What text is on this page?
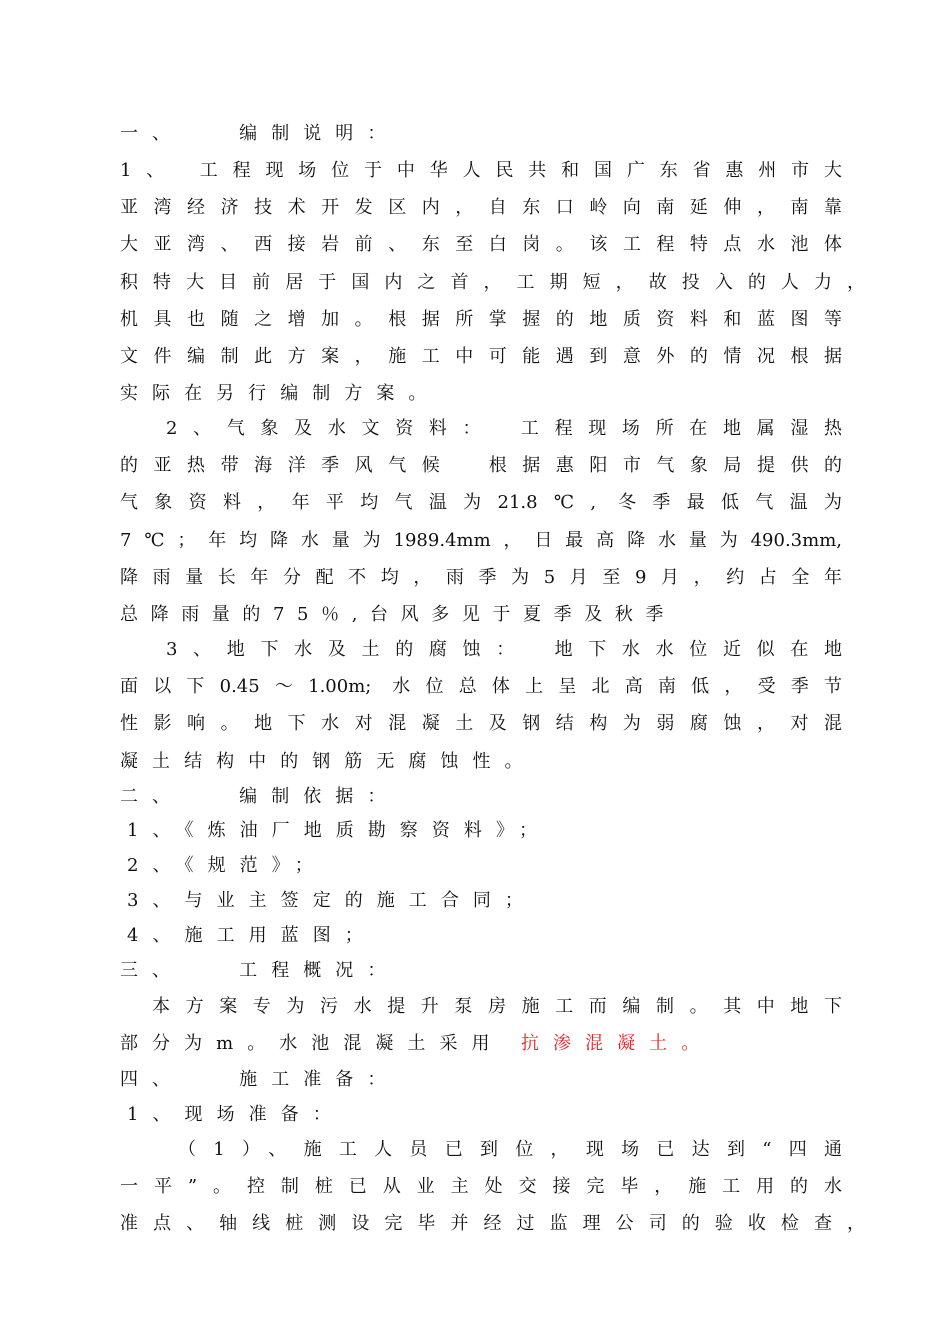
一、　　编制说明：
1、 工程现场位于中华人民共和国广东省惠州市大
亚湾经济技术开发区内，自东口岭向南延伸，南靠
大亚湾、西接岩前、东至白岗。该工程特点水池体
积特大目前居于国内之首，工期短，故投入的人力，
机具也随之增加。根据所掌握的地质资料和蓝图等
文件编制此方案，施工中可能遇到意外的情况根据
实际在另行编制方案。
2、气象及水文资料：　工程现场所在地属湿热
的亚热带海洋季风气候　根据惠阳市气象局提供的
气象资料，年平均气温为21.8℃, 冬季最低气温为
7℃；年均降水量为1989.4mm，日最高降水量为490.3mm,
降雨量长年分配不均，雨季为5月至9月，约占全年
总降雨量的75％,台风多见于夏季及秋季
3、地下水及土的腐蚀：　地下水水位近似在地
面以下0.45～1.00m; 水位总体上呈北高南低，受季节
性影响。地下水对混凝土及钢结构为弱腐蚀，对混
凝土结构中的钢筋无腐蚀性。
二、　　编制依据：
1、《炼油厂地质勘察资料》；
2、《规范》；
3、与业主签定的施工合同；
4、施工用蓝图；
三、　　工程概况：
本方案专为污水提升泵房施工而编制。其中地下
部分为m。水池混凝土采用 抗渗混凝土。
四、　　施工准备：
1、现场准备：
（1）、施工人员已到位，现场已达到“四通
一平”。控制桩已从业主处交接完毕，施工用的水
准点、轴线桩测设完毕并经过监理公司的验收检查，
